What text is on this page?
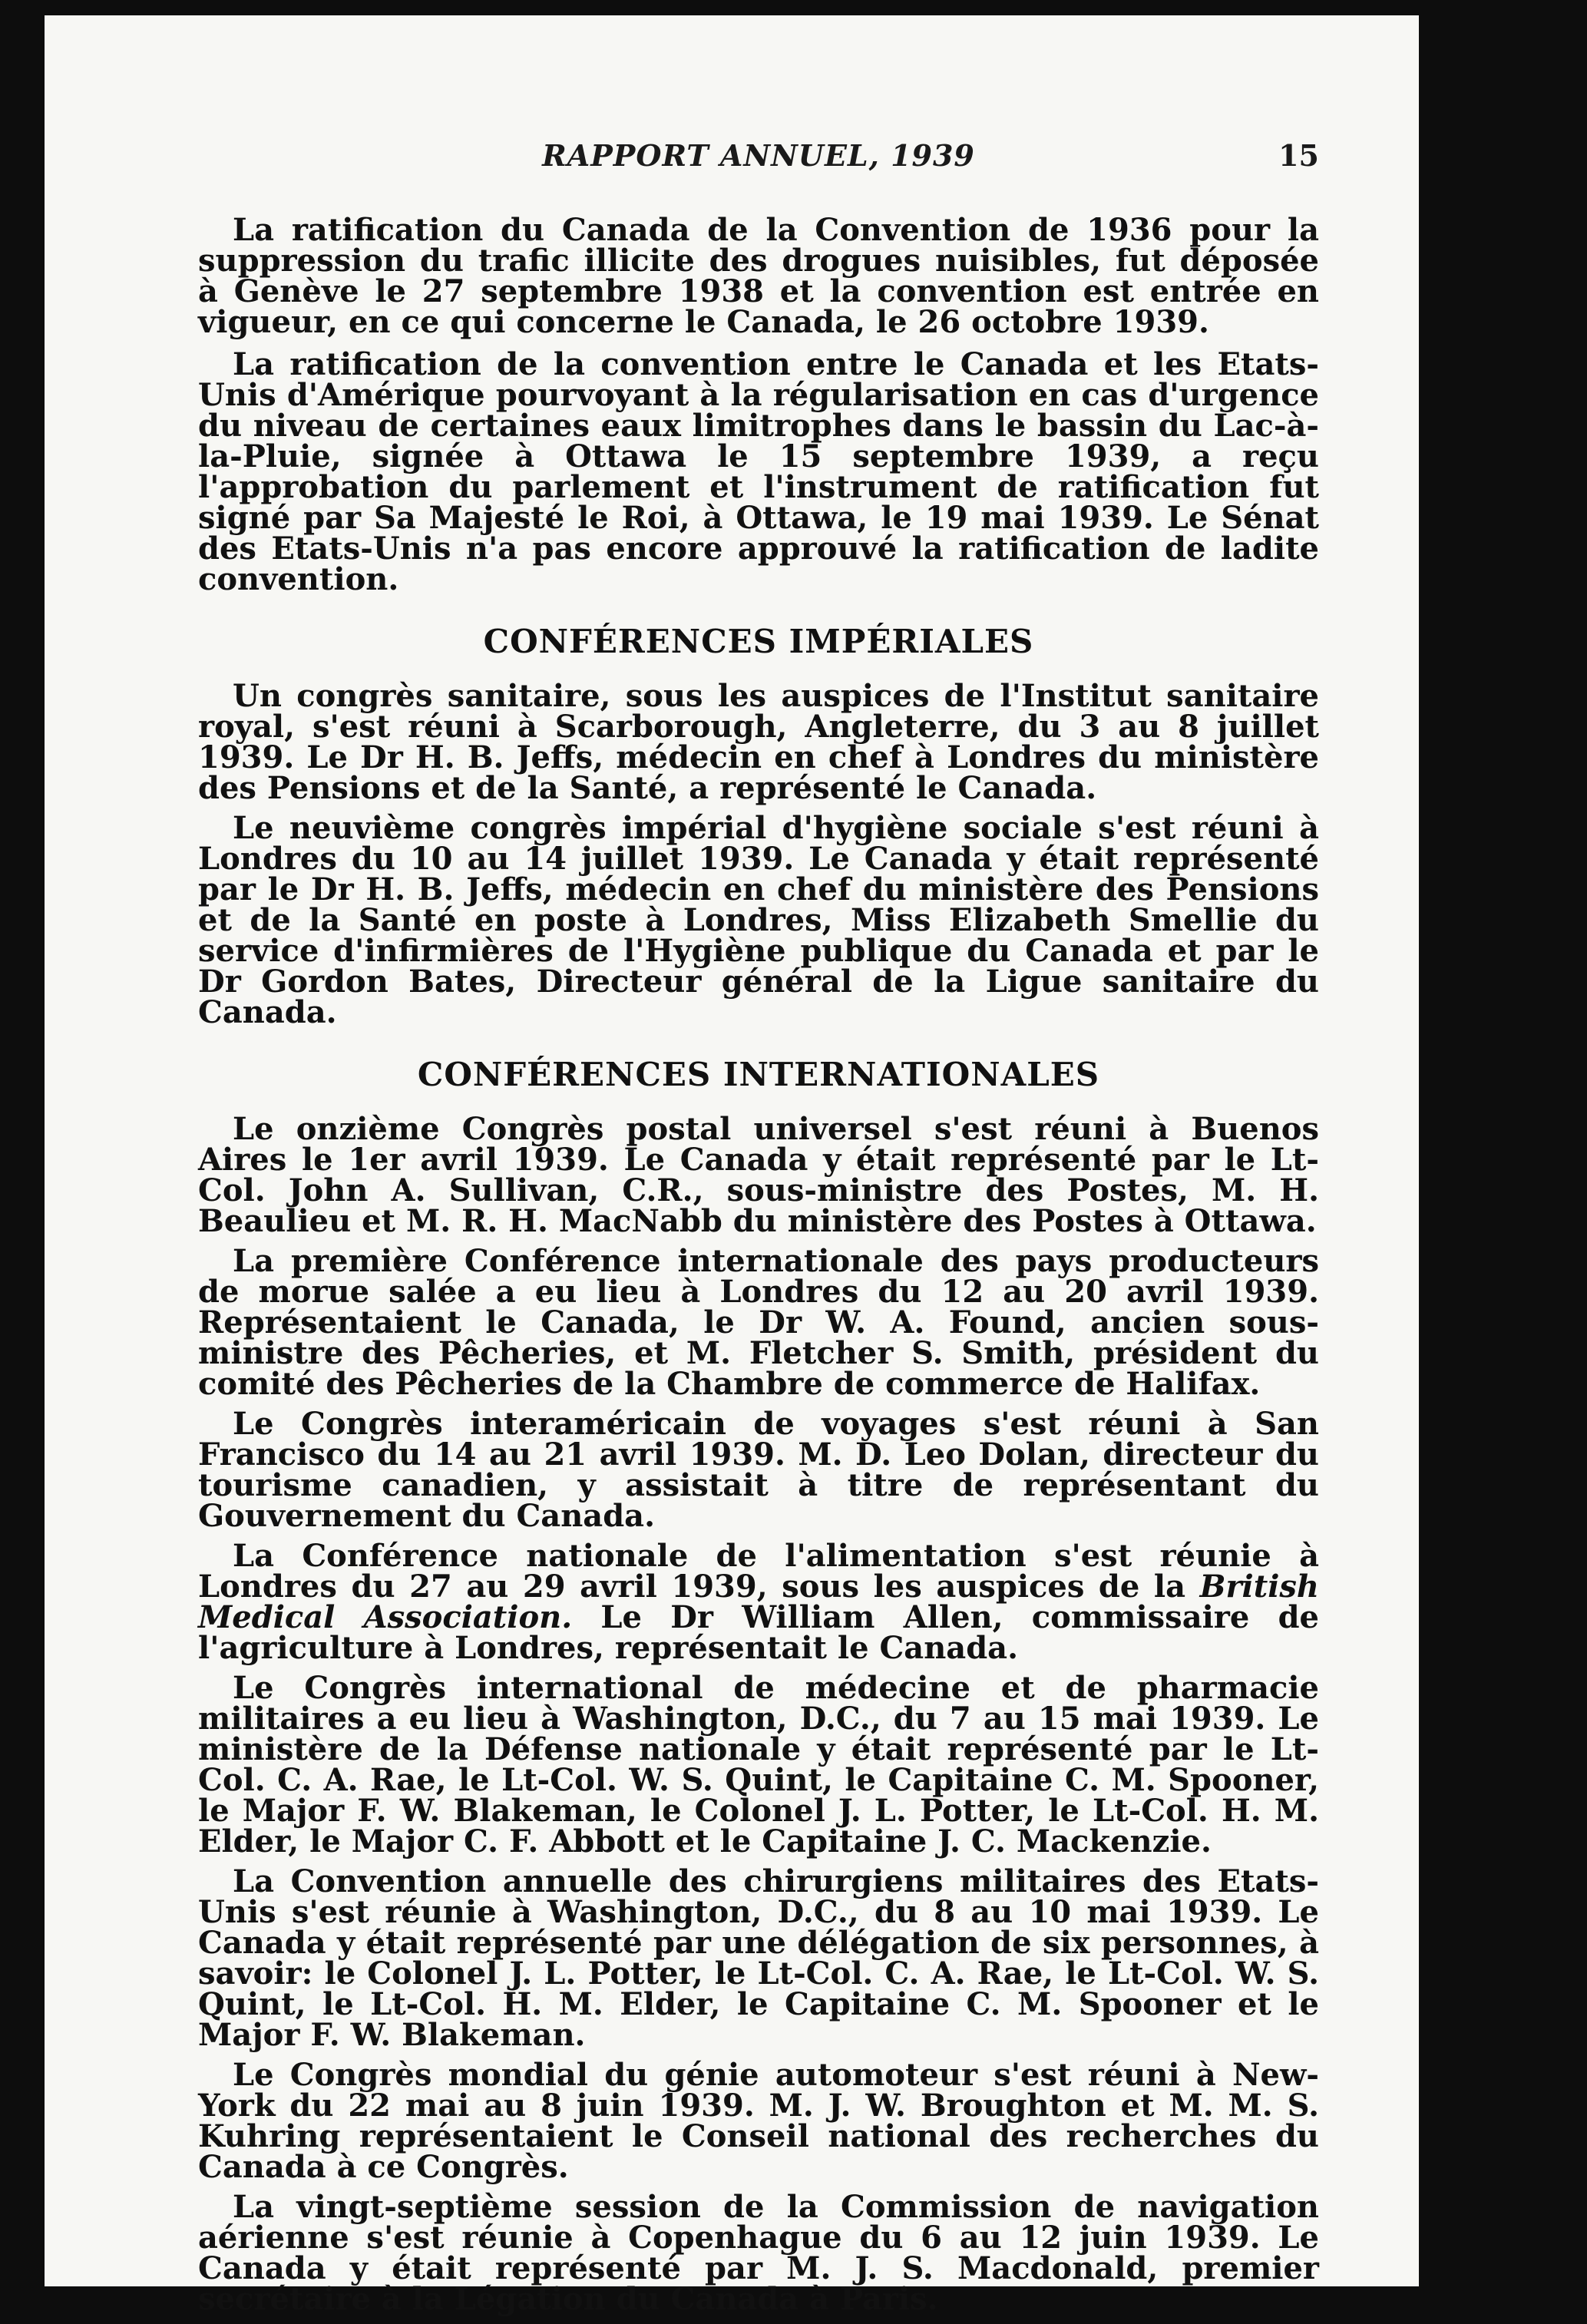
RAPPORT ANNUEL, 1939	15

La ratification du Canada de la Convention de 1936 pour la suppression du trafic illicite des drogues nuisibles, fut déposée à Genève le 27 septembre 1938 et la convention est entrée en vigueur, en ce qui concerne le Canada, le 26 octobre 1939.

La ratification de la convention entre le Canada et les Etats-Unis d'Amérique pourvoyant à la régularisation en cas d'urgence du niveau de certaines eaux limitrophes dans le bassin du Lac-à-la-Pluie, signée à Ottawa le 15 septembre 1939, a reçu l'approbation du parlement et l'instrument de ratification fut signé par Sa Majesté le Roi, à Ottawa, le 19 mai 1939. Le Sénat des Etats-Unis n'a pas encore approuvé la ratification de ladite convention.

CONFÉRENCES IMPÉRIALES

Un congrès sanitaire, sous les auspices de l'Institut sanitaire royal, s'est réuni à Scarborough, Angleterre, du 3 au 8 juillet 1939. Le Dr H. B. Jeffs, médecin en chef à Londres du ministère des Pensions et de la Santé, a représenté le Canada.

Le neuvième congrès impérial d'hygiène sociale s'est réuni à Londres du 10 au 14 juillet 1939. Le Canada y était représenté par le Dr H. B. Jeffs, médecin en chef du ministère des Pensions et de la Santé en poste à Londres, Miss Elizabeth Smellie du service d'infirmières de l'Hygiène publique du Canada et par le Dr Gordon Bates, Directeur général de la Ligue sanitaire du Canada.

CONFÉRENCES INTERNATIONALES

Le onzième Congrès postal universel s'est réuni à Buenos Aires le 1er avril 1939. Le Canada y était représenté par le Lt-Col. John A. Sullivan, C.R., sous-ministre des Postes, M. H. Beaulieu et M. R. H. MacNabb du ministère des Postes à Ottawa.

La première Conférence internationale des pays producteurs de morue salée a eu lieu à Londres du 12 au 20 avril 1939. Représentaient le Canada, le Dr W. A. Found, ancien sous-ministre des Pêcheries, et M. Fletcher S. Smith, président du comité des Pêcheries de la Chambre de commerce de Halifax.

Le Congrès interaméricain de voyages s'est réuni à San Francisco du 14 au 21 avril 1939. M. D. Leo Dolan, directeur du tourisme canadien, y assistait à titre de représentant du Gouvernement du Canada.

La Conférence nationale de l'alimentation s'est réunie à Londres du 27 au 29 avril 1939, sous les auspices de la British Medical Association. Le Dr William Allen, commissaire de l'agriculture à Londres, représentait le Canada.

Le Congrès international de médecine et de pharmacie militaires a eu lieu à Washington, D.C., du 7 au 15 mai 1939. Le ministère de la Défense nationale y était représenté par le Lt-Col. C. A. Rae, le Lt-Col. W. S. Quint, le Capitaine C. M. Spooner, le Major F. W. Blakeman, le Colonel J. L. Potter, le Lt-Col. H. M. Elder, le Major C. F. Abbott et le Capitaine J. C. Mackenzie.

La Convention annuelle des chirurgiens militaires des Etats-Unis s'est réunie à Washington, D.C., du 8 au 10 mai 1939. Le Canada y était représenté par une délégation de six personnes, à savoir: le Colonel J. L. Potter, le Lt-Col. C. A. Rae, le Lt-Col. W. S. Quint, le Lt-Col. H. M. Elder, le Capitaine C. M. Spooner et le Major F. W. Blakeman.

Le Congrès mondial du génie automoteur s'est réuni à New-York du 22 mai au 8 juin 1939. M. J. W. Broughton et M. M. S. Kuhring représentaient le Conseil national des recherches du Canada à ce Congrès.

La vingt-septième session de la Commission de navigation aérienne s'est réunie à Copenhague du 6 au 12 juin 1939. Le Canada y était représenté par M. J. S. Macdonald, premier secrétaire à la Légation du Canada à Paris.
